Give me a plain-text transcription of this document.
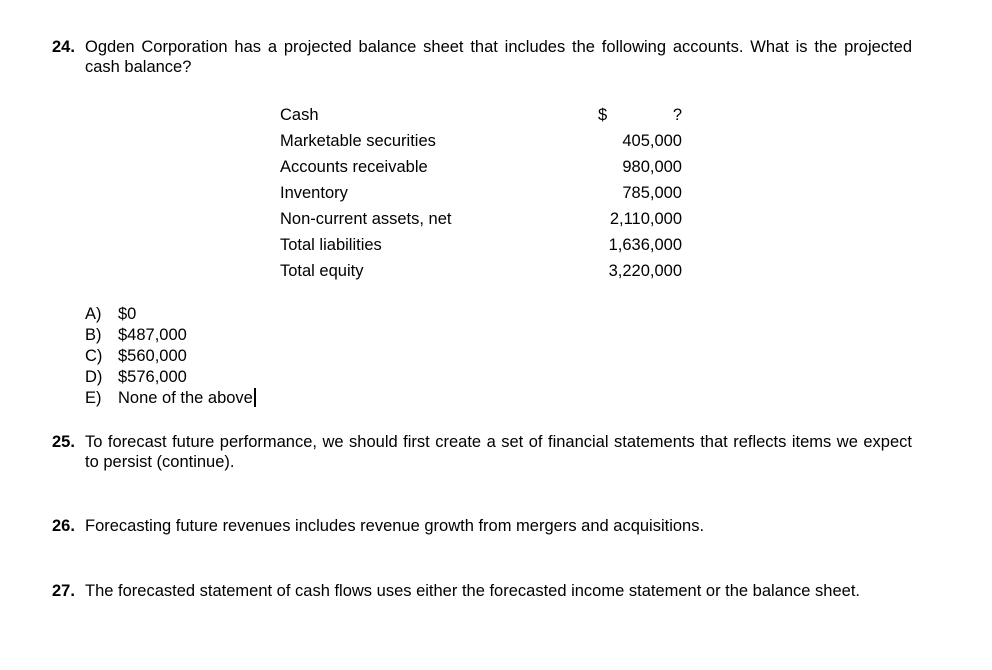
24. Ogden Corporation has a projected balance sheet that includes the following accounts. What is the projected cash balance?
Cash	$	?
Marketable securities	405,000
Accounts receivable	980,000
Inventory	785,000
Non-current assets, net	2,110,000
Total liabilities	1,636,000
Total equity	3,220,000
A) $0
B) $487,000
C) $560,000
D) $576,000
E) None of the above
25. To forecast future performance, we should first create a set of financial statements that reflects items we expect to persist (continue).
26. Forecasting future revenues includes revenue growth from mergers and acquisitions.
27. The forecasted statement of cash flows uses either the forecasted income statement or the balance sheet.
